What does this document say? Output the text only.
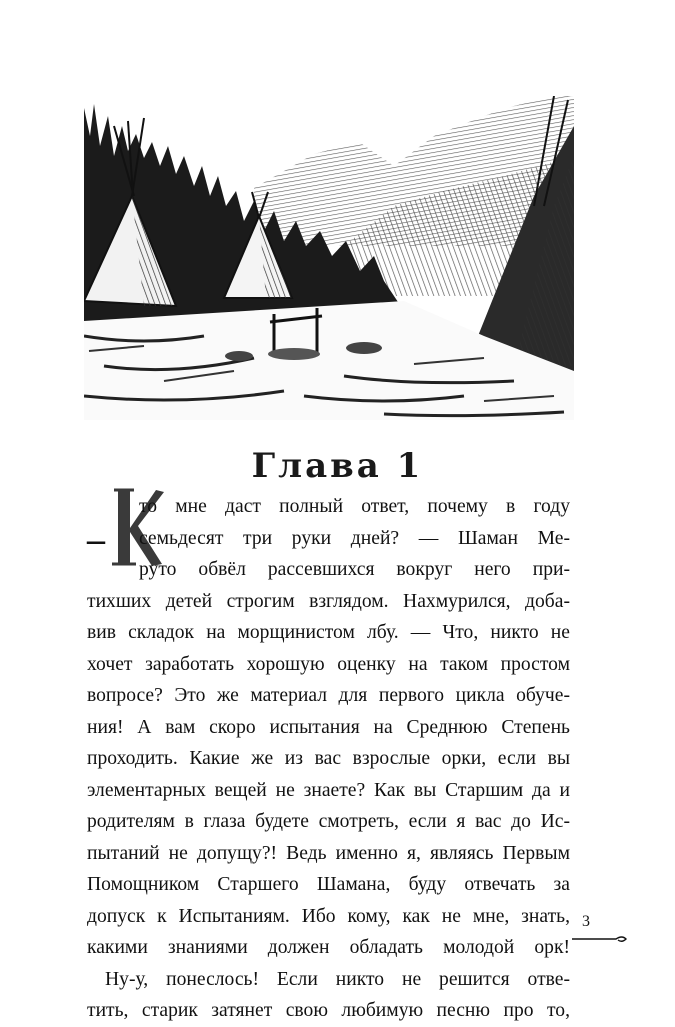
Глава 1
–
то мне даст полный ответ, почему в году
семьдесят три руки дней? — Шаман Ме-
руто обвёл рассевшихся вокруг него при-
тихших детей строгим взглядом. Нахмурился, доба-
вив складок на морщинистом лбу. — Что, никто не
хочет заработать хорошую оценку на таком простом
вопросе? Это же материал для первого цикла обуче-
ния! А вам скоро испытания на Среднюю Степень
проходить. Какие же из вас взрослые орки, если вы
элементарных вещей не знаете? Как вы Старшим да и
родителям в глаза будете смотреть, если я вас до Ис-
пытаний не допущу?! Ведь именно я, являясь Первым
Помощником Старшего Шамана, буду отвечать за
допуск к Испытаниям. Ибо кому, как не мне, знать,
какими знаниями должен обладать молодой орк!
Ну-у, понеслось! Если никто не решится отве-
тить, старик затянет свою любимую песню про то,
3
